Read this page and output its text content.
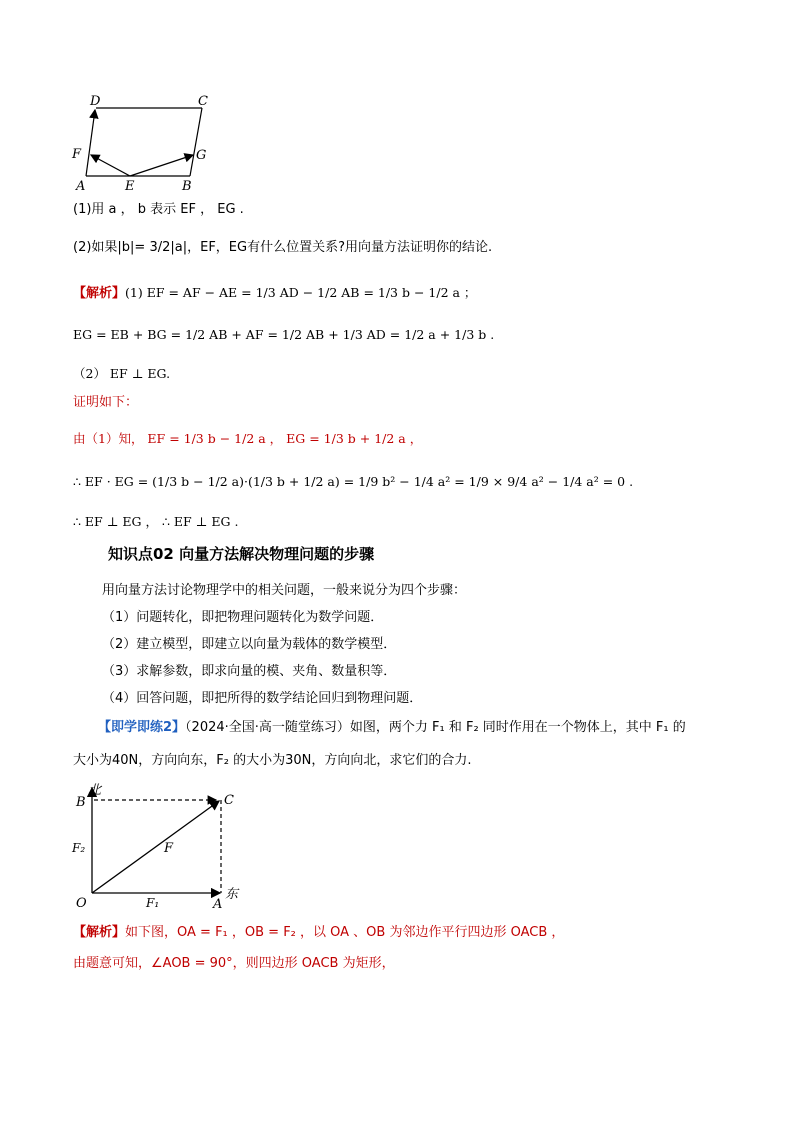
D	C
F	G
A	E	B
(1)用 a ， b 表示 EF ， EG .
(2)如果|b|= 3/2|a|，EF，EG有什么位置关系?用向量方法证明你的结论.
【解析】(1) EF = AF − AE = 1/3 AD − 1/2 AB = 1/3 b − 1/2 a ；
EG = EB + BG = 1/2 AB + AF = 1/2 AB + 1/3 AD = 1/2 a + 1/3 b .
（2） EF ⊥ EG.
证明如下：
由（1）知， EF = 1/3 b − 1/2 a ， EG = 1/3 b + 1/2 a ，
∴ EF · EG = (1/3 b − 1/2 a)·(1/3 b + 1/2 a) = 1/9 b² − 1/4 a² = 1/9 × 9/4 a² − 1/4 a² = 0 .
∴ EF ⊥ EG ， ∴ EF ⊥ EG .
知识点02 向量方法解决物理问题的步骤
用向量方法讨论物理学中的相关问题，一般来说分为四个步骤：
（1）问题转化，即把物理问题转化为数学问题．
（2）建立模型，即建立以向量为载体的数学模型．
（3）求解参数，即求向量的模、夹角、数量积等．
（4）回答问题，即把所得的数学结论回归到物理问题．
【即学即练2】（2024·全国·高一随堂练习）如图，两个力 F₁ 和 F₂ 同时作用在一个物体上，其中 F₁ 的
大小为40N，方向向东，F₂ 的大小为30N，方向向北，求它们的合力.
北
B	C
F₂	F
东
O	F₁	A
【解析】如下图，OA = F₁ ，OB = F₂ ，以 OA 、OB 为邻边作平行四边形 OACB ，
由题意可知，∠AOB = 90°，则四边形 OACB 为矩形，
